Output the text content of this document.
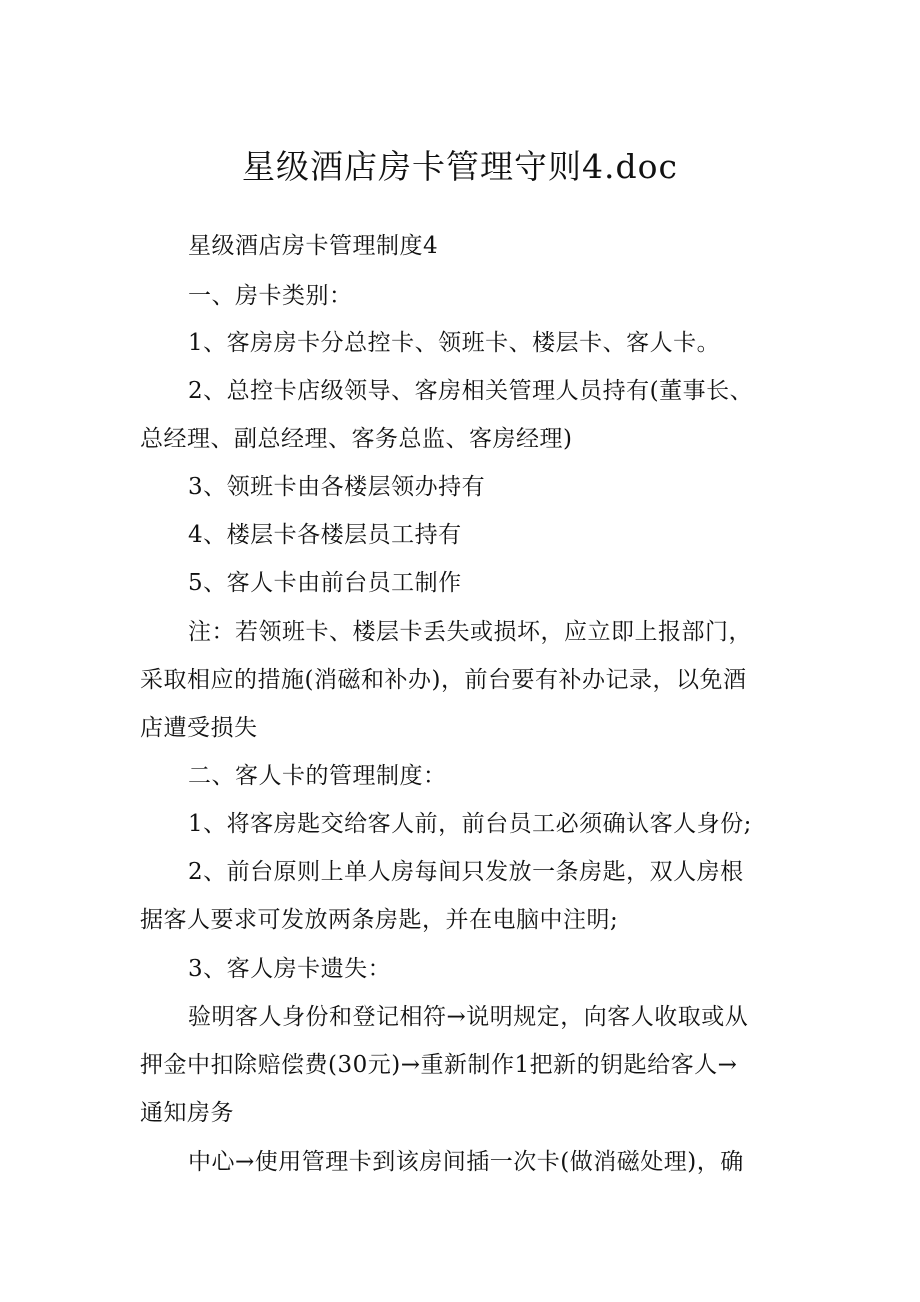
星级酒店房卡管理守则4.doc
星级酒店房卡管理制度4
一、房卡类别：
1、客房房卡分总控卡、领班卡、楼层卡、客人卡。
2、总控卡店级领导、客房相关管理人员持有(董事长、
总经理、副总经理、客务总监、客房经理)
3、领班卡由各楼层领办持有
4、楼层卡各楼层员工持有
5、客人卡由前台员工制作
注：若领班卡、楼层卡丢失或损坏，应立即上报部门，
采取相应的措施(消磁和补办)，前台要有补办记录，以免酒
店遭受损失
二、客人卡的管理制度：
1、将客房匙交给客人前，前台员工必须确认客人身份;
2、前台原则上单人房每间只发放一条房匙，双人房根
据客人要求可发放两条房匙，并在电脑中注明;
3、客人房卡遗失：
验明客人身份和登记相符→说明规定，向客人收取或从
押金中扣除赔偿费(30元)→重新制作1把新的钥匙给客人→
通知房务
中心→使用管理卡到该房间插一次卡(做消磁处理)，确
